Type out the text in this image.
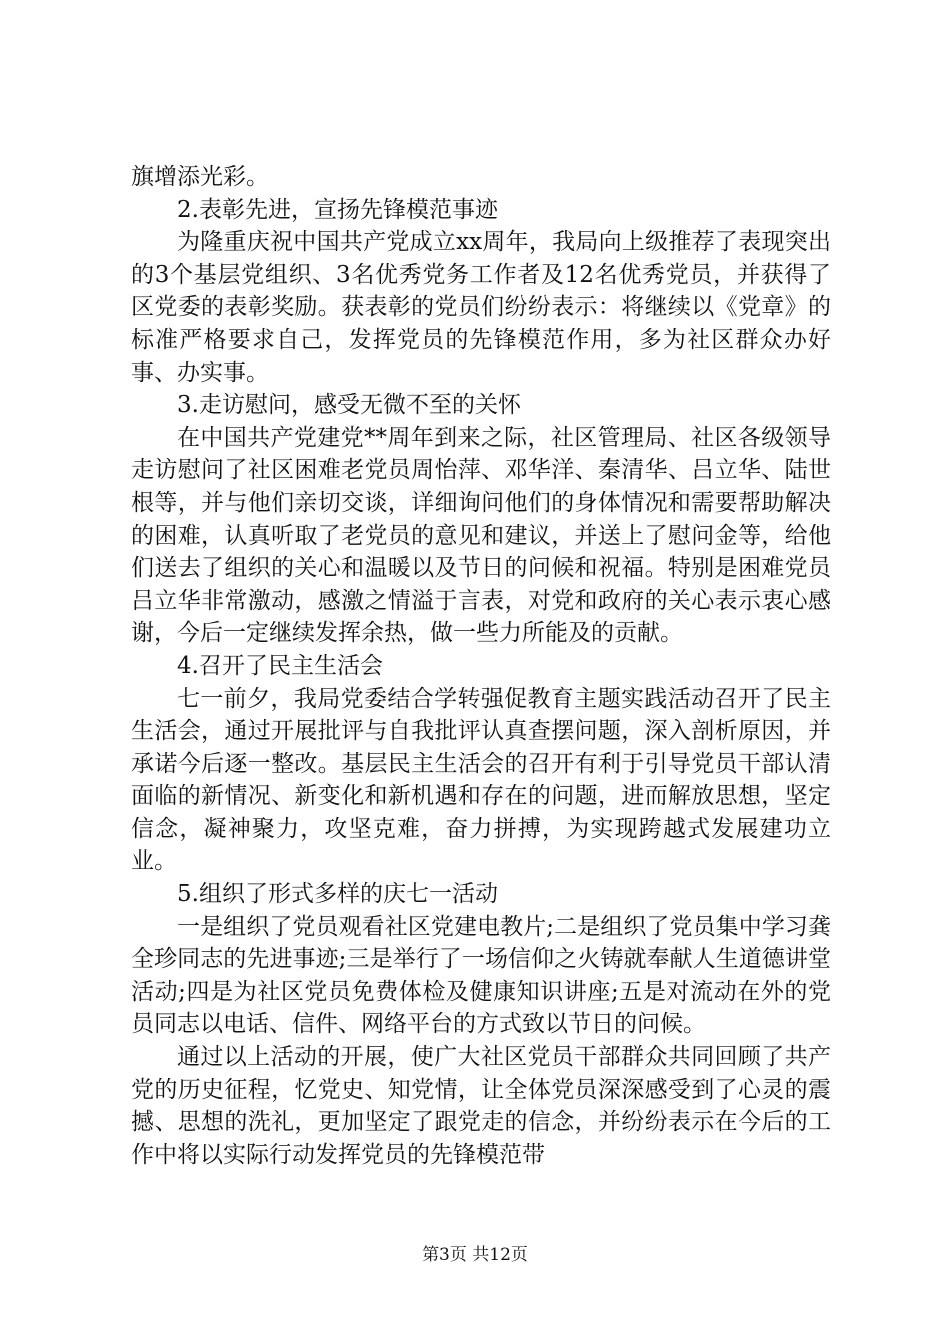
旗增添光彩。

2.表彰先进，宣扬先锋模范事迹

为隆重庆祝中国共产党成立xx周年，我局向上级推荐了表现突出的3个基层党组织、3名优秀党务工作者及12名优秀党员，并获得了区党委的表彰奖励。获表彰的党员们纷纷表示：将继续以《党章》的标准严格要求自己，发挥党员的先锋模范作用，多为社区群众办好事、办实事。

3.走访慰问，感受无微不至的关怀

在中国共产党建党**周年到来之际，社区管理局、社区各级领导走访慰问了社区困难老党员周怡萍、邓华洋、秦清华、吕立华、陆世根等，并与他们亲切交谈，详细询问他们的身体情况和需要帮助解决的困难，认真听取了老党员的意见和建议，并送上了慰问金等，给他们送去了组织的关心和温暖以及节日的问候和祝福。特别是困难党员吕立华非常激动，感激之情溢于言表，对党和政府的关心表示衷心感谢，今后一定继续发挥余热，做一些力所能及的贡献。

4.召开了民主生活会

七一前夕，我局党委结合学转强促教育主题实践活动召开了民主生活会，通过开展批评与自我批评认真查摆问题，深入剖析原因，并承诺今后逐一整改。基层民主生活会的召开有利于引导党员干部认清面临的新情况、新变化和新机遇和存在的问题，进而解放思想，坚定信念，凝神聚力，攻坚克难，奋力拼搏，为实现跨越式发展建功立业。

5.组织了形式多样的庆七一活动

一是组织了党员观看社区党建电教片;二是组织了党员集中学习龚全珍同志的先进事迹;三是举行了一场信仰之火铸就奉献人生道德讲堂活动;四是为社区党员免费体检及健康知识讲座;五是对流动在外的党员同志以电话、信件、网络平台的方式致以节日的问候。

通过以上活动的开展，使广大社区党员干部群众共同回顾了共产党的历史征程，忆党史、知党情，让全体党员深深感受到了心灵的震撼、思想的洗礼，更加坚定了跟党走的信念，并纷纷表示在今后的工作中将以实际行动发挥党员的先锋模范带

第3页 共12页
